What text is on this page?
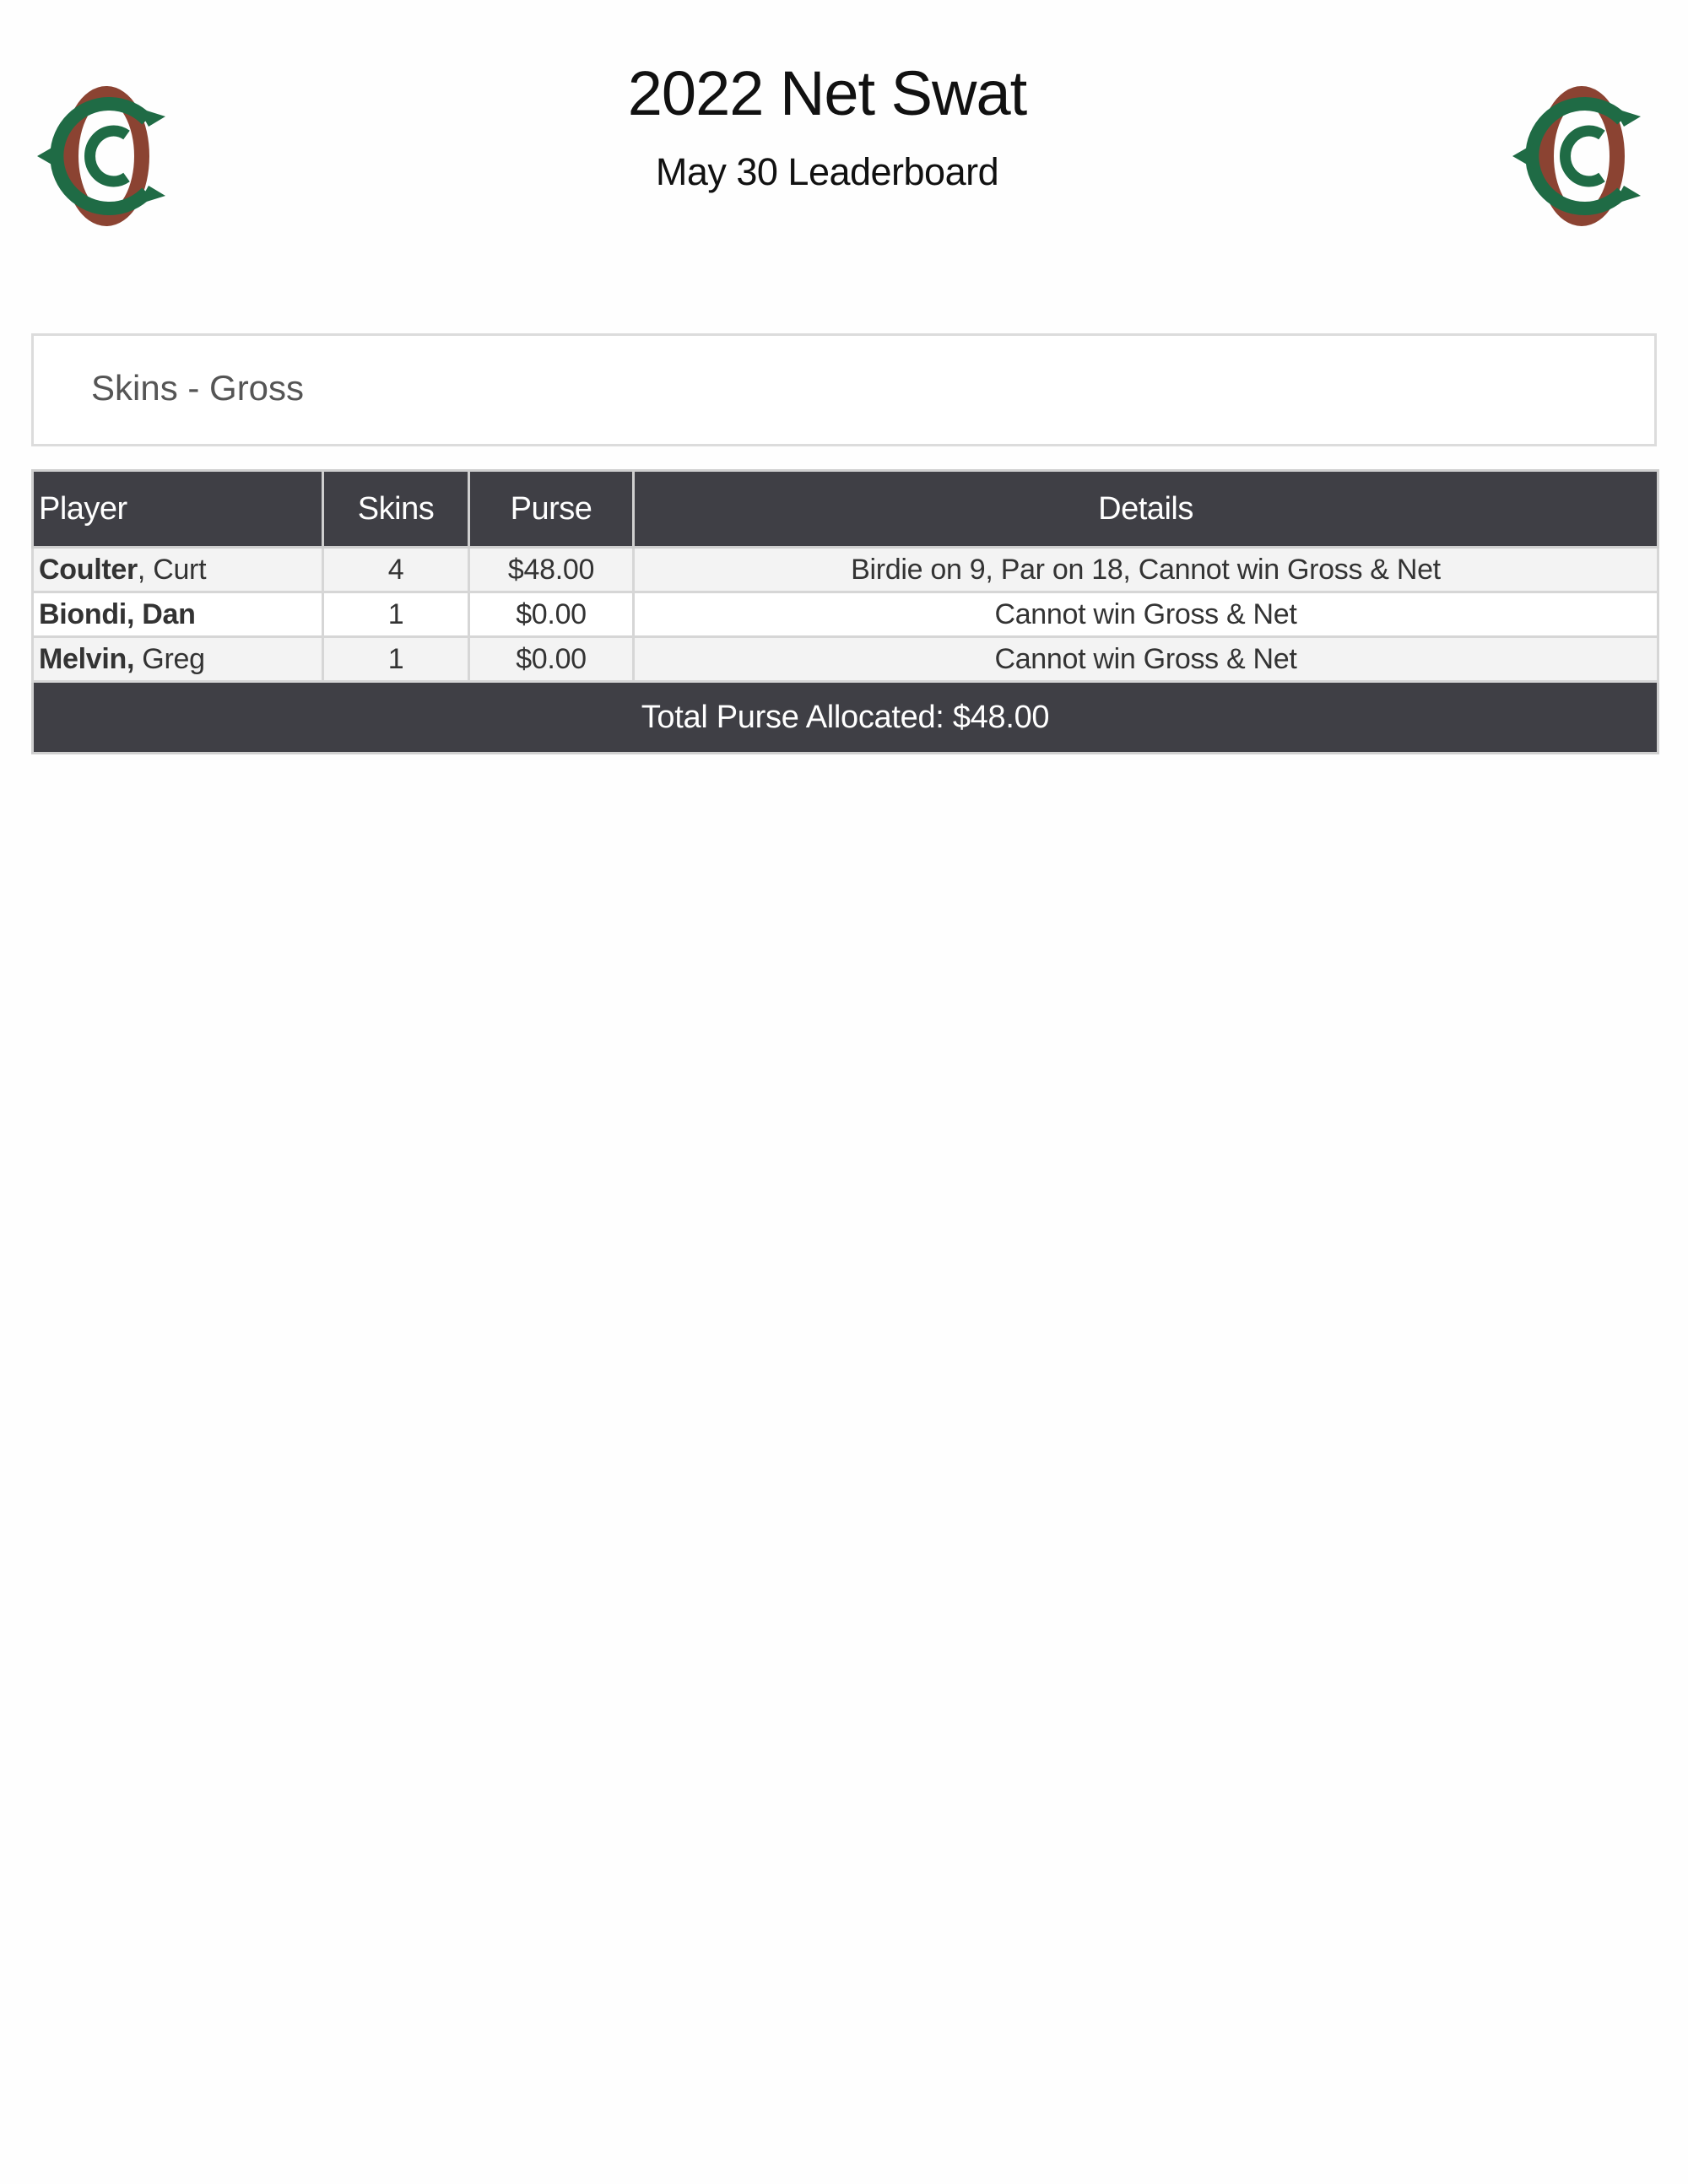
2022 Net Swat
May 30 Leaderboard
Skins - Gross
Player	Skins	Purse	Details
Coulter, Curt	4	$48.00	Birdie on 9, Par on 18, Cannot win Gross & Net
Biondi, Dan	1	$0.00	Cannot win Gross & Net
Melvin, Greg	1	$0.00	Cannot win Gross & Net
Total Purse Allocated: $48.00			
